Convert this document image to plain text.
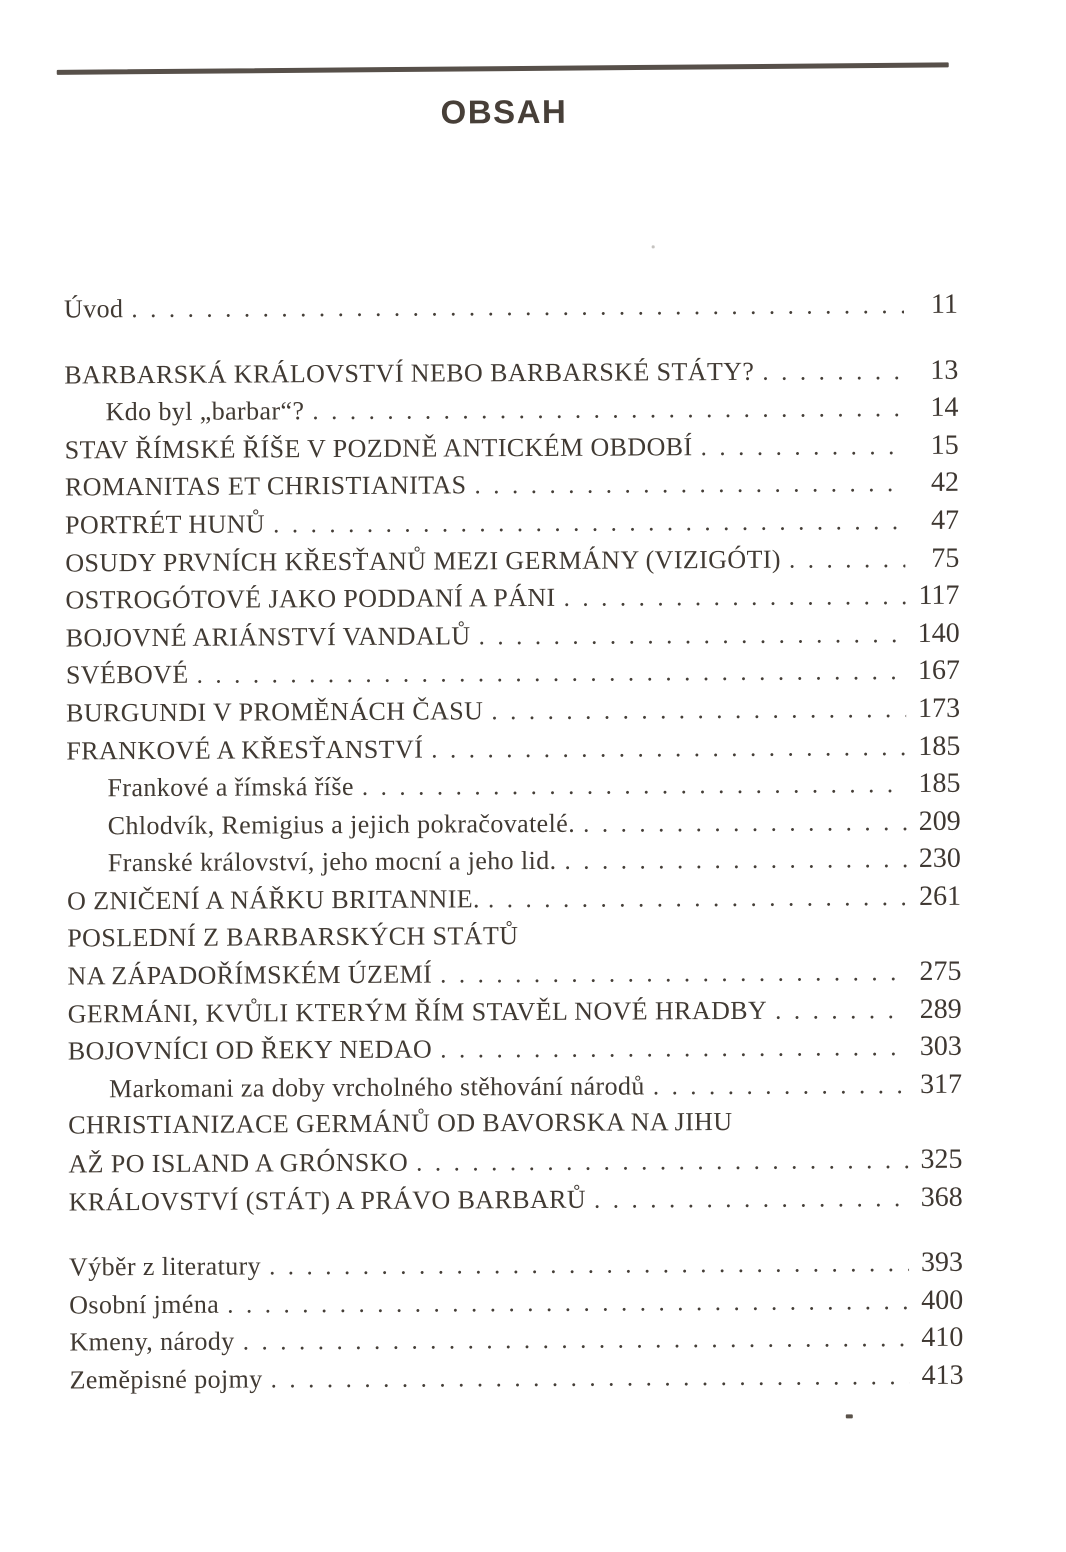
OBSAH
Úvod .....	11
BARBARSKÁ KRÁLOVSTVÍ NEBO BARBARSKÉ STÁTY? .....	13
Kdo byl „barbar“? .....	14
STAV ŘÍMSKÉ ŘÍŠE V POZDNĚ ANTICKÉM OBDOBÍ .....	15
ROMANITAS ET CHRISTIANITAS .....	42
PORTRÉT HUNŮ .....	47
OSUDY PRVNÍCH KŘESŤANŮ MEZI GERMÁNY (VIZIGÓTI) .....	75
OSTROGÓTOVÉ JAKO PODDANÍ A PÁNI .....	117
BOJOVNÉ ARIÁNSTVÍ VANDALŮ .....	140
SVÉBOVÉ .....	167
BURGUNDI V PROMĚNÁCH ČASU .....	173
FRANKOVÉ A KŘESŤANSTVÍ .....	185
Frankové a římská říše .....	185
Chlodvík, Remigius a jejich pokračovatelé. .....	209
Franské království, jeho mocní a jeho lid. .....	230
O ZNIČENÍ A NÁŘKU BRITANNIE. .....	261
POSLEDNÍ Z BARBARSKÝCH STÁTŮ
NA ZÁPADOŘÍMSKÉM ÚZEMÍ .....	275
GERMÁNI, KVŮLI KTERÝM ŘÍM STAVĚL NOVÉ HRADBY .....	289
BOJOVNÍCI OD ŘEKY NEDAO .....	303
Markomani za doby vrcholného stěhování národů .....	317
CHRISTIANIZACE GERMÁNŮ OD BAVORSKA NA JIHU
AŽ PO ISLAND A GRÓNSKO .....	325
KRÁLOVSTVÍ (STÁT) A PRÁVO BARBARŮ .....	368
Výběr z literatury .....	393
Osobní jména .....	400
Kmeny, národy .....	410
Zeměpisné pojmy .....	413
